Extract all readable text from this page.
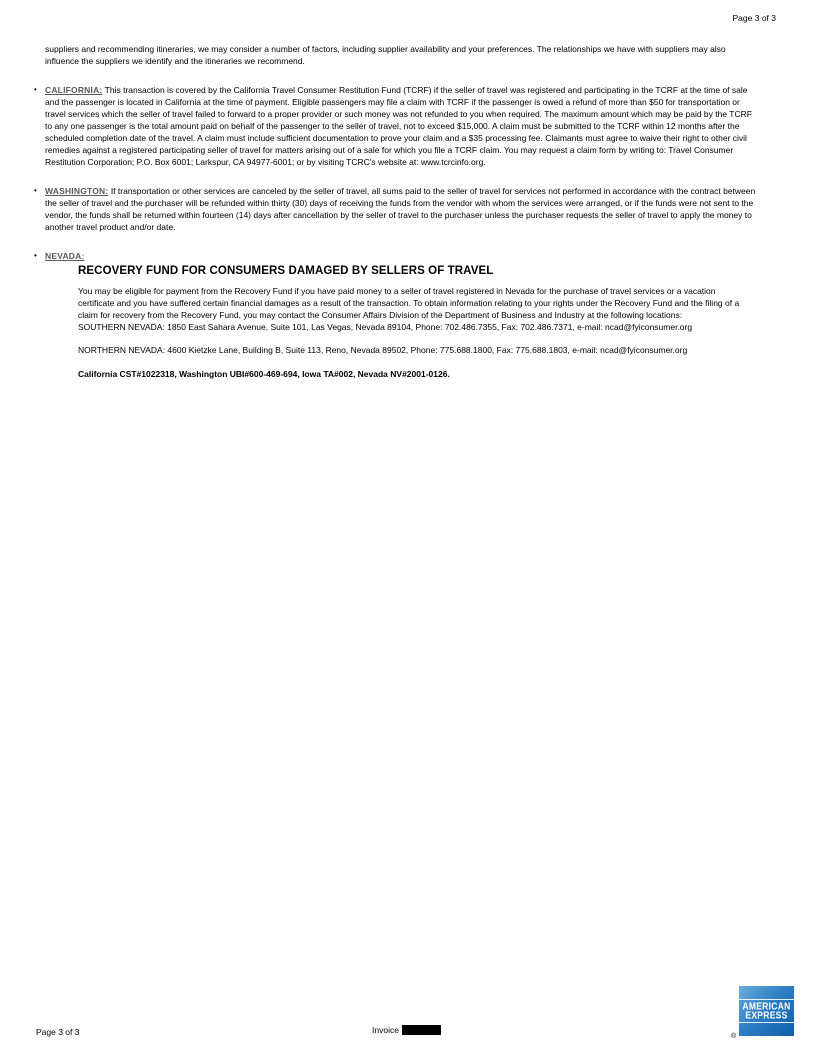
Page 3 of 3

suppliers and recommending itineraries, we may consider a number of factors, including supplier availability and your preferences. The relationships we have with suppliers may also influence the suppliers we identify and the itineraries we recommend.

• CALIFORNIA: This transaction is covered by the California Travel Consumer Restitution Fund (TCRF) if the seller of travel was registered and participating in the TCRF at the time of sale and the passenger is located in California at the time of payment. Eligible passengers may file a claim with TCRF if the passenger is owed a refund of more than $50 for transportation or travel services which the seller of travel failed to forward to a proper provider or such money was not refunded to you when required. The maximum amount which may be paid by the TCRF to any one passenger is the total amount paid on behalf of the passenger to the seller of travel, not to exceed $15,000. A claim must be submitted to the TCRF within 12 months after the scheduled completion date of the travel. A claim must include sufficient documentation to prove your claim and a $35 processing fee. Claimants must agree to waive their right to other civil remedies against a registered participating seller of travel for matters arising out of a sale for which you file a TCRF claim. You may request a claim form by writing to: Travel Consumer Restitution Corporation; P.O. Box 6001; Larkspur, CA 94977-6001; or by visiting TCRC's website at: www.tcrcinfo.org.
• WASHINGTON: If transportation or other services are canceled by the seller of travel, all sums paid to the seller of travel for services not performed in accordance with the contract between the seller of travel and the purchaser will be refunded within thirty (30) days of receiving the funds from the vendor with whom the services were arranged, or if the funds were not sent to the vendor, the funds shall be returned within fourteen (14) days after cancellation by the seller of travel to the purchaser unless the purchaser requests the seller of travel to apply the money to another travel product and/or date.
• NEVADA:
RECOVERY FUND FOR CONSUMERS DAMAGED BY SELLERS OF TRAVEL

You may be eligible for payment from the Recovery Fund if you have paid money to a seller of travel registered in Nevada for the purchase of travel services or a vacation certificate and you have suffered certain financial damages as a result of the transaction. To obtain information relating to your rights under the Recovery Fund and the filing of a claim for recovery from the Recovery Fund, you may contact the Consumer Affairs Division of the Department of Business and Industry at the following locations:

SOUTHERN NEVADA: 1850 East Sahara Avenue, Suite 101, Las Vegas, Nevada 89104, Phone: 702.486.7355, Fax: 702.486.7371, e-mail: ncad@fyiconsumer.org

NORTHERN NEVADA: 4600 Kietzke Lane, Building B, Suite 113, Reno, Nevada 89502, Phone: 775.688.1800, Fax: 775.688.1803, e-mail: ncad@fyiconsumer.org

California CST#1022318, Washington UBI#600-469-694, Iowa TA#002, Nevada NV#2001-0126.

Page 3 of 3	Invoice
AMERICAN
EXPRESS
®
